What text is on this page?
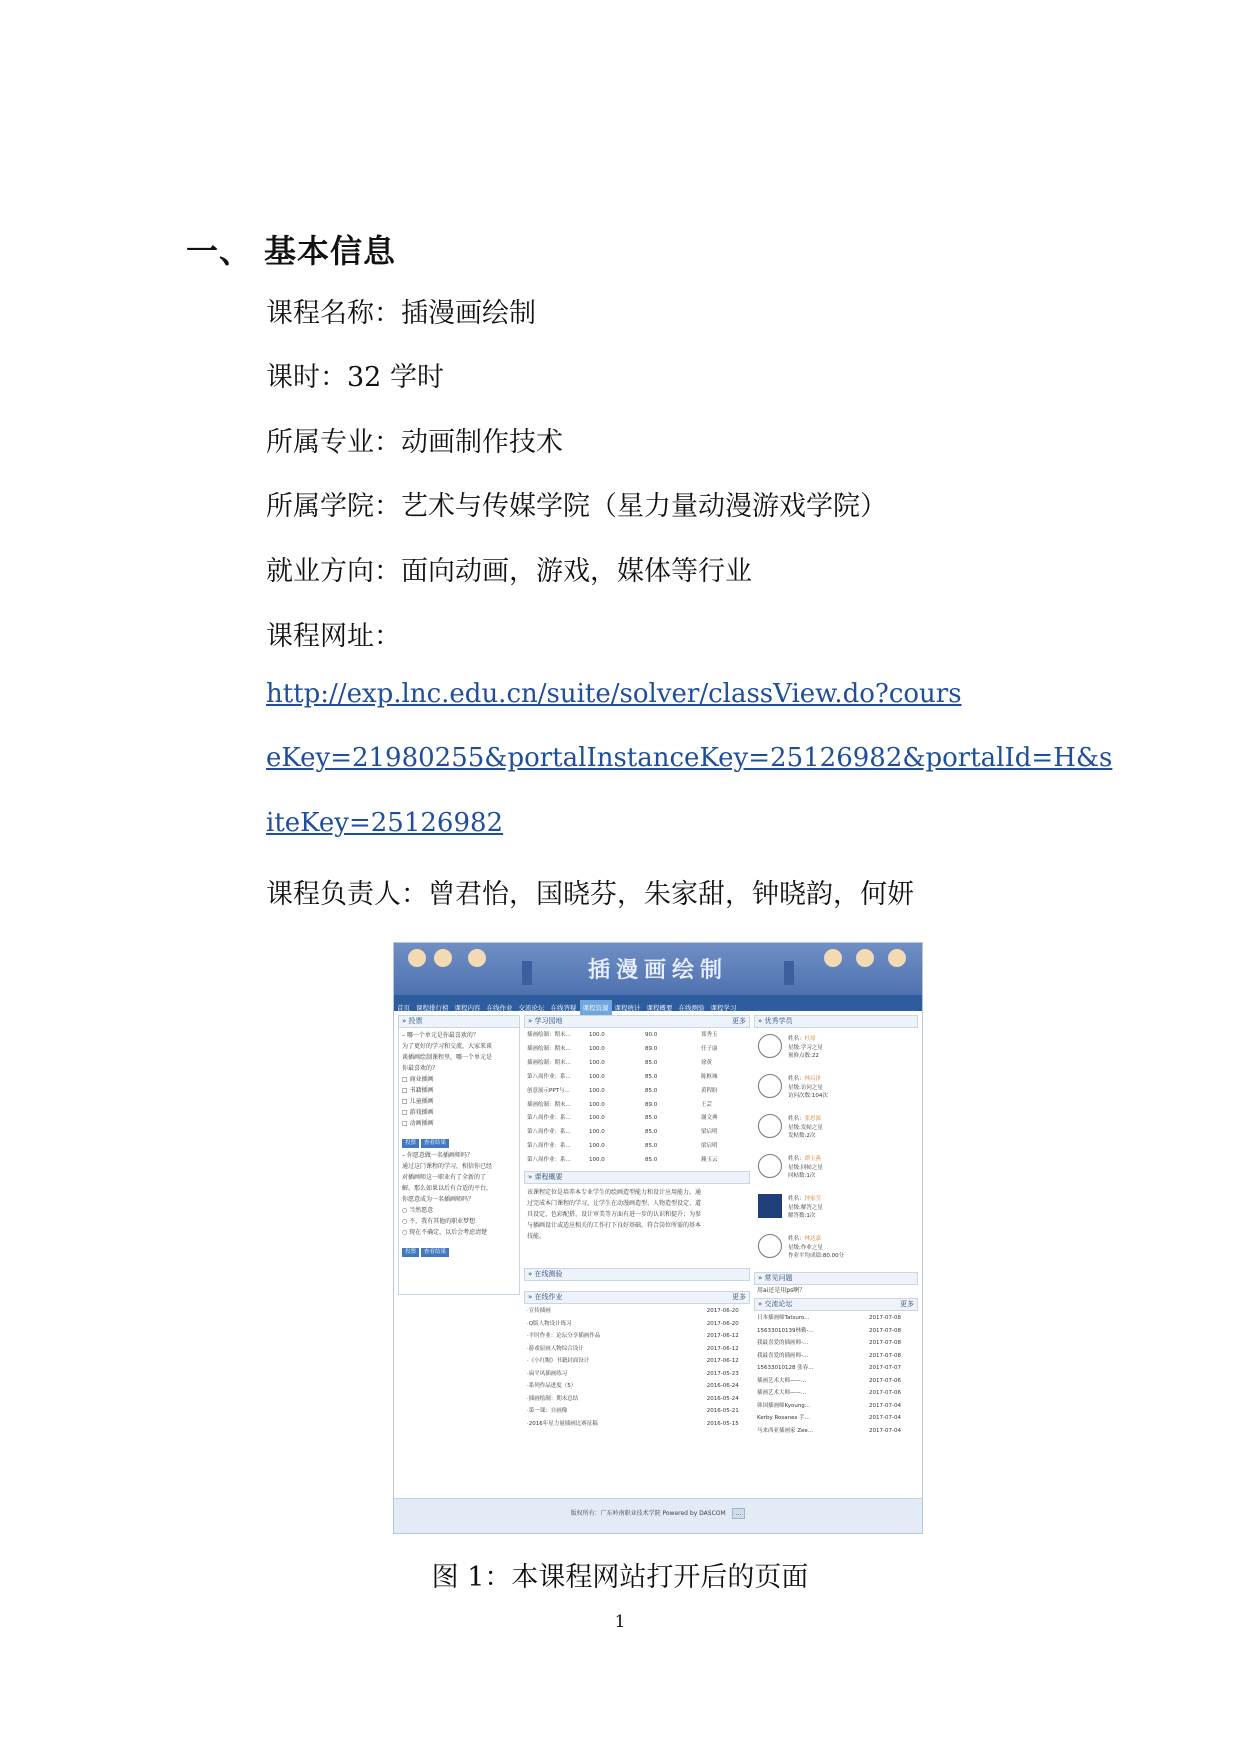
一、 基本信息
课程名称：插漫画绘制
课时：32 学时
所属专业：动画制作技术
所属学院：艺术与传媒学院（星力量动漫游戏学院）
就业方向：面向动画，游戏，媒体等行业
课程网址：
http://exp.lnc.edu.cn/suite/solver/classView.do?cours
eKey=21980255&portalInstanceKey=25126982&portalId=H&s
iteKey=25126982
课程负责人：曾君怡，国晓芬，朱家甜，钟晓韵，何妍
插漫画绘制
首页 课程排行榜 课程内容 在线作业 交流论坛 在线答疑 课程资源 课程统计 课程概要 在线测验 课程学习
» 投票
– 哪一个单元是你最喜欢的？
为了更好的学习和交流，大家来谈
谈插画绘制课程里，哪一个单元是
你最喜欢的？
□ 商业插画
□ 书籍插画
□ 儿童插画
□ 游戏插画
□ 动画插画
投票 查看结果
– 你愿意做一名插画师吗？
通过这门课程的学习，相信你已经
对插画师这一职业有了全新的了
解。那么如果以后有合适的平台，
你愿意成为一名插画师吗？
○ 当然愿意
○ 不，我有其他的职业梦想
○ 现在不确定，以后会考虑清楚
投票 查看结果
» 学习园地	更多
插画绘制：期末...	100.0	90.0	郑秀玉
插画绘制：期末...	100.0	89.0	任子康
插画绘制：期末...	100.0	85.0	徐黄
第八周作业：系...	100.0	85.0	陈枢城
创意展示PPT与...	100.0	85.0	黄程盼
插画绘制：期末...	100.0	89.0	王芸
第八周作业：系...	100.0	85.0	谢文典
第八周作业：系...	100.0	85.0	梁启明
第八周作业：系...	100.0	85.0	梁启明
第八周作业：系...	100.0	85.0	赖玉云
» 课程概要
该课程定位是培养本专业学生的绘画造型能力和设计应用能力。通
过完成本门课程的学习，让学生在动漫画造型、人物造型设定、道
具设定、色彩配搭、设计审美等方面有进一步的认识和提升；为参
与插画设计或适应相关的工作打下良好基础，符合岗位所需的基本
技能。
» 在线测验
» 在线作业	更多
· 宣传插画	2017-06-20
· Q版人物设计练习	2017-06-20
· 平时作业：论坛分享插画作品	2017-06-12
· 游戏原画人物综合设计	2017-06-12
· 《小红帽》书籍封面设计	2017-06-12
· 扁平风插画练习	2017-05-23
· 系列作品进度（5）	2016-06-24
· 插画绘制：期末总结	2016-05-24
· 第一课：自画像	2016-05-21
· 2016年星力量插画比赛征稿	2016-05-15
» 优秀学员
姓名：杜璋
星级:学习之星
预修点数:22
姓名：林启泽
星级:访问之星
访问次数:104次
姓名：张思源
星级:发帖之星
发帖数:2次
姓名：谭玉燕
星级:回帖之星
回帖数:1次
姓名：钟家莹
星级:解答之星
解答数:1次
姓名：林达嘉
星级:作业之星
作业平均成绩:80.00分
» 常见问题
用ai还是用ps啊？
» 交流论坛	更多
日本插画师Tatsuro...	2017-07-08
15633010139林勤-...	2017-07-08
我最喜爱的插画师-...	2017-07-08
我最喜爱的插画师-...	2017-07-08
15633010128 张春...	2017-07-07
插画艺术大师——...	2017-07-06
插画艺术大师——...	2017-07-06
韩国插画师Kyoung...	2017-07-04
Kerby Rosanes 手...	2017-07-04
马来西亚插画家 Zee...	2017-07-04
版权所有：广东岭南职业技术学院 Powered by DASCOM ...
图 1：本课程网站打开后的页面
1
